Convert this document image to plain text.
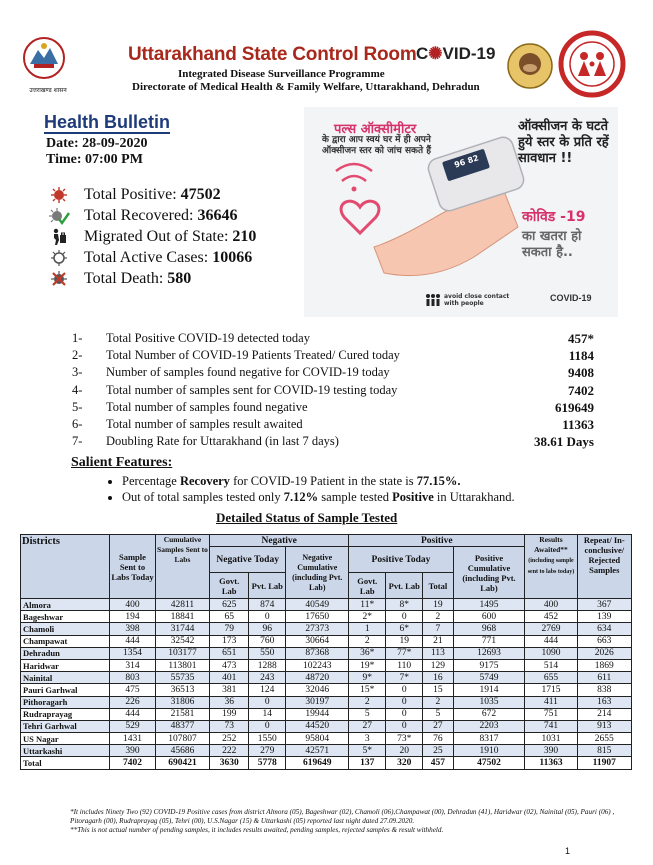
उत्तराखण्ड शासन
Uttarakhand State Control Room C✺VID-19
Integrated Disease Surveillance Programme
Directorate of Medical Health & Family Welfare, Uttarakhand, Dehradun
Health Bulletin
Date: 28-09-2020
Time: 07:00 PM
Total Positive: 47502
Total Recovered: 36646
Migrated Out of State: 210
Total Active Cases: 10066
Total Death: 580
पल्स ऑक्सीमीटर
के द्वारा आप स्वयं घर में ही अपने ऑक्सीजन स्तर को जांच सकते हैं
96 82
ऑक्सीजन के घटते हुये स्तर के प्रति रहें सावधान !!
कोविड -19
का खतरा हो सकता है..
avoid close contact with people
COVID-19
1- Total Positive COVID-19 detected today	457*
2- Total Number of COVID-19 Patients Treated/ Cured today	1184
3- Number of samples found negative for COVID-19 today	9408
4- Total number of samples sent for COVID-19 testing today	7402
5- Total number of samples found negative	619649
6- Total number of samples result awaited	11363
7- Doubling Rate for Uttarakhand (in last 7 days)	38.61 Days
Salient Features:
• Percentage Recovery for COVID-19 Patient in the state is 77.15%.
• Out of total samples tested only 7.12% sample tested Positive in Uttarakhand.
Detailed Status of Sample Tested
Districts	Sample Sent to Labs Today	Cumulative Samples Sent to Labs	Negative			Positive				Results Awaited**
(including sample sent to labs today)	Repeat/ In-conclusive/ Rejected Samples
			Negative Today		Negative Cumulative (including Pvt. Lab)	Positive Today			Positive Cumulative (including Pvt. Lab)		
			Govt. Lab	Pvt. Lab		Govt. Lab	Pvt. Lab	Total			
Almora	400	42811	625	874	40549	11*	8*	19	1495	400	367
Bageshwar	194	18841	65	0	17650	2*	0	2	600	452	139
Chamoli	398	31744	79	96	27373	1	6*	7	968	2769	634
Champawat	444	32542	173	760	30664	2	19	21	771	444	663
Dehradun	1354	103177	651	550	87368	36*	77*	113	12693	1090	2026
Haridwar	314	113801	473	1288	102243	19*	110	129	9175	514	1869
Nainital	803	55735	401	243	48720	9*	7*	16	5749	655	611
Pauri Garhwal	475	36513	381	124	32046	15*	0	15	1914	1715	838
Pithoragarh	226	31806	36	0	30197	2	0	2	1035	411	163
Rudraprayag	444	21581	199	14	19944	5	0	5	672	751	214
Tehri Garhwal	529	48377	73	0	44520	27	0	27	2203	741	913
US Nagar	1431	107807	252	1550	95804	3	73*	76	8317	1031	2655
Uttarkashi	390	45686	222	279	42571	5*	20	25	1910	390	815
Total	7402	690421	3630	5778	619649	137	320	457	47502	11363	11907
*It includes Ninety Two (92) COVID-19 Positive cases from district Almora (05), Bageshwar (02), Chamoli (06),Champawat (00), Dehradun (41), Haridwar (02), Nainital (05), Pauri (06) , Pitoragarh (00), Rudraprayag (05), Tehri (00), U.S.Nagar (15) & Uttarkashi (05) reported last night dated 27.09.2020.
**This is not actual number of pending samples, it includes results awaited, pending samples, rejected samples & result withheld.
1
